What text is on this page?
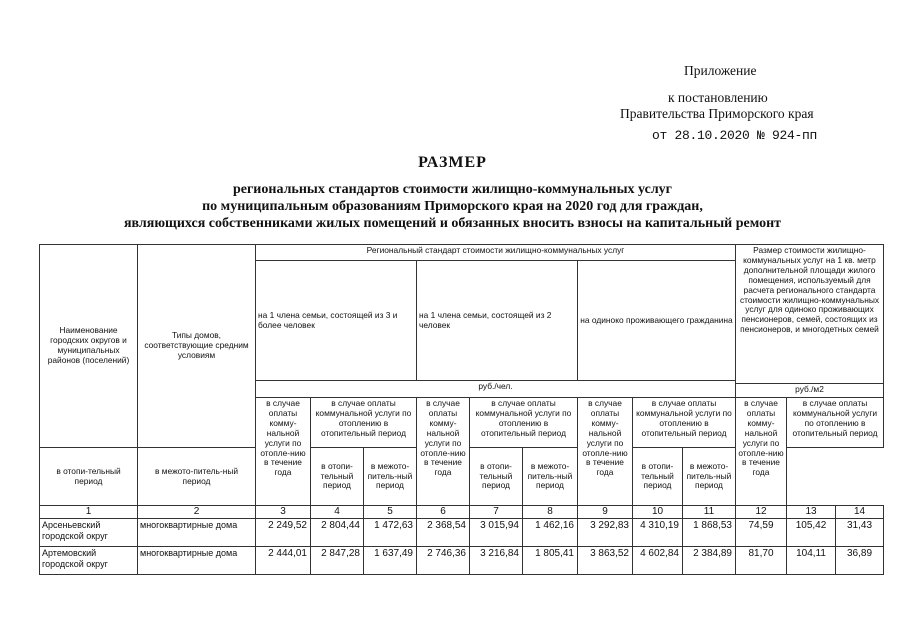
Приложение
к постановлению
Правительства Приморского края
от 28.10.2020 № 924-пп
РАЗМЕР
региональных стандартов стоимости жилищно-коммунальных услуг
по муниципальным образованиям Приморского края на 2020 год для граждан,
являющихся собственниками жилых помещений и обязанных вносить взносы на капитальный ремонт
Наименование городских округов и муниципальных районов (поселений)	Типы домов, соответствующие средним условиям	Региональный стандарт стоимости жилищно-коммунальных услуг									Размер стоимости жилищно-коммунальных услуг на 1 кв. метр дополнительной площади жилого помещения, используемый для расчета регионального стандарта стоимости жилищно-коммунальных услуг для одиноко проживающих пенсионеров, семей, состоящих из пенсионеров, и многодетных семей		
		на 1 члена семьи, состоящей из 3 и более человек			на 1 члена семьи, состоящей из 2 человек			на одиноко проживающего гражданина					
		руб./чел.											
											руб./м2		
		в случае оплаты комму-нальной услуги по отопле-нию в течение года	в случае оплаты коммунальной услуги по отоплению в отопительный период		в случае оплаты комму-нальной услуги по отопле-нию в течение года	в случае оплаты коммунальной услуги по отоплению в отопительный период		в случае оплаты комму-нальной услуги по отопле-нию в течение года	в случае оплаты коммунальной услуги по отоплению в отопительный период		в случае оплаты комму-нальной услуги по отопле-нию в течение года	в случае оплаты коммунальной услуги по отоплению в отопительный период	
в отопи-тельный период	в межото-питель-ный период		в отопи-тельный период	в межото-питель-ный период		в отопи-тельный период	в межото-питель-ный период		в отопи-тельный период	в межото-питель-ный период			
1	2	3	4	5	6	7	8	9	10	11	12	13	14
Арсеньевский городской округ	многоквартирные дома	2 249,52	2 804,44	1 472,63	2 368,54	3 015,94	1 462,16	3 292,83	4 310,19	1 868,53	74,59	105,42	31,43
Артемовский городской округ	многоквартирные дома	2 444,01	2 847,28	1 637,49	2 746,36	3 216,84	1 805,41	3 863,52	4 602,84	2 384,89	81,70	104,11	36,89
